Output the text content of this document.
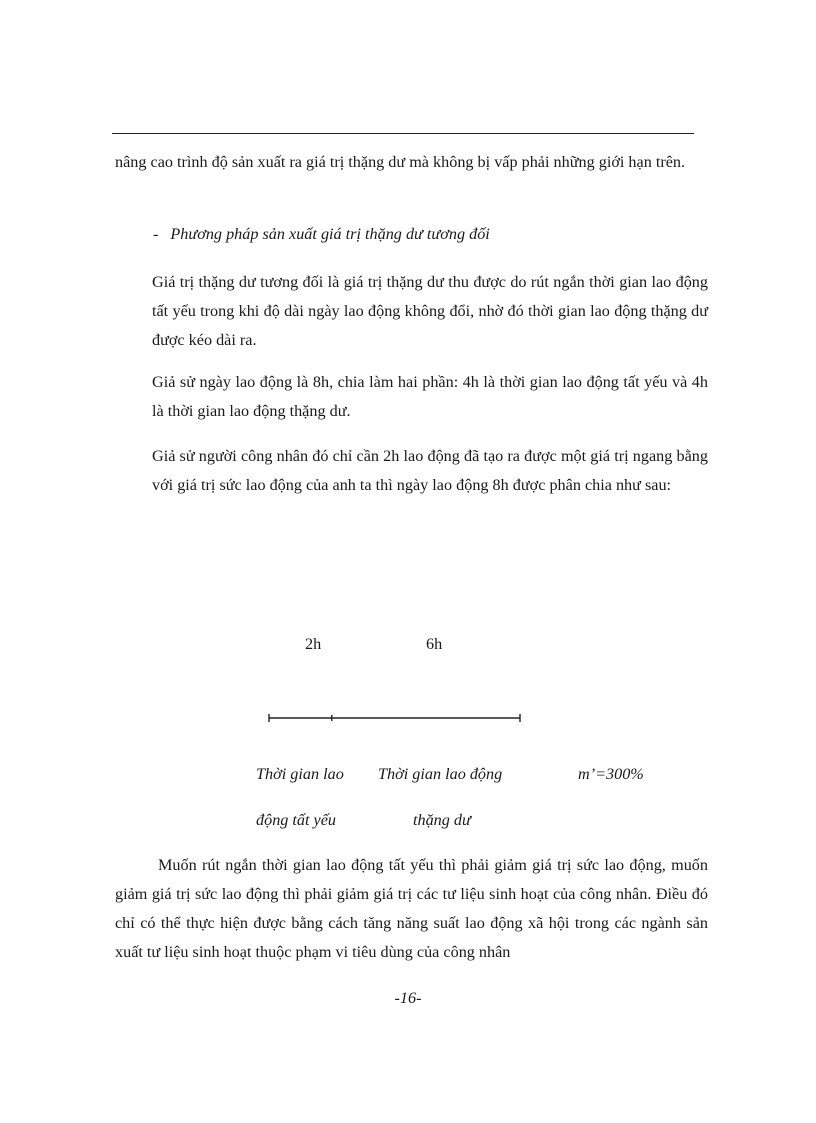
nâng cao trình độ sản xuất ra giá trị thặng dư mà không bị vấp phải những giới hạn trên.

- Phương pháp sản xuất giá trị thặng dư tương đối

Giá trị thặng dư tương đối là giá trị thặng dư thu được do rút ngắn thời gian lao động tất yếu trong khi độ dài ngày lao động không đổi, nhờ đó thời gian lao động thặng dư được kéo dài ra.

Giả sử ngày lao động là 8h, chia làm hai phần: 4h là thời gian lao động tất yếu và 4h là thời gian lao động thặng dư.

Giả sử người công nhân đó chỉ cần 2h lao động đã tạo ra được một giá trị ngang bằng với giá trị sức lao động của anh ta thì ngày lao động 8h được phân chia như sau:

2h	6h
Thời gian lao Thời gian lao động	m’=300%
động tất yếu	thặng dư

Muốn rút ngắn thời gian lao động tất yếu thì phải giảm giá trị sức lao động, muốn giảm giá trị sức lao động thì phải giảm giá trị các tư liệu sinh hoạt của công nhân. Điều đó chỉ có thể thực hiện được bằng cách tăng năng suất lao động xã hội trong các ngành sản xuất tư liệu sinh hoạt thuộc phạm vi tiêu dùng của công nhân

-16-
